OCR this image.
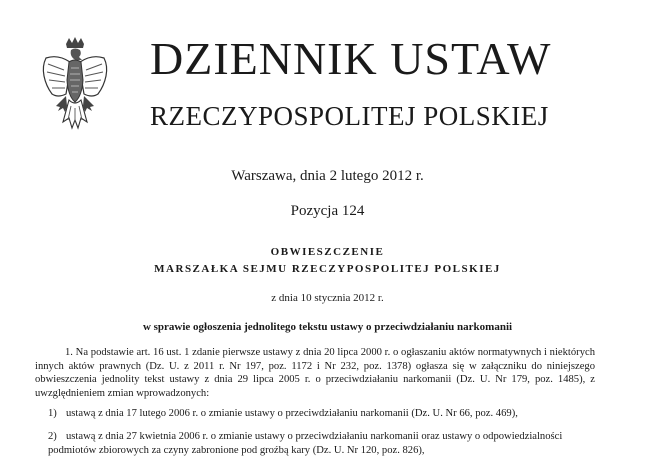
DZIENNIK USTAW
RZECZYPOSPOLITEJ POLSKIEJ
Warszawa, dnia 2 lutego 2012 r.
Pozycja 124
OBWIESZCZENIE
MARSZAŁKA SEJMU RZECZYPOSPOLITEJ POLSKIEJ
z dnia 10 stycznia 2012 r.
w sprawie ogłoszenia jednolitego tekstu ustawy o przeciwdziałaniu narkomanii

1. Na podstawie art. 16 ust. 1 zdanie pierwsze ustawy z dnia 20 lipca 2000 r. o ogłaszaniu aktów normatywnych i niektórych innych aktów prawnych (Dz. U. z 2011 r. Nr 197, poz. 1172 i Nr 232, poz. 1378) ogłasza się w załączniku do niniejszego obwieszczenia jednolity tekst ustawy z dnia 29 lipca 2005 r. o przeciwdziałaniu narkomanii (Dz. U. Nr 179, poz. 1485), z uwzględnieniem zmian wprowadzonych:

1) ustawą z dnia 17 lutego 2006 r. o zmianie ustawy o przeciwdziałaniu narkomanii (Dz. U. Nr 66, poz. 469),

2) ustawą z dnia 27 kwietnia 2006 r. o zmianie ustawy o przeciwdziałaniu narkomanii oraz ustawy o odpowiedzialności podmiotów zbiorowych za czyny zabronione pod groźbą kary (Dz. U. Nr 120, poz. 826),
